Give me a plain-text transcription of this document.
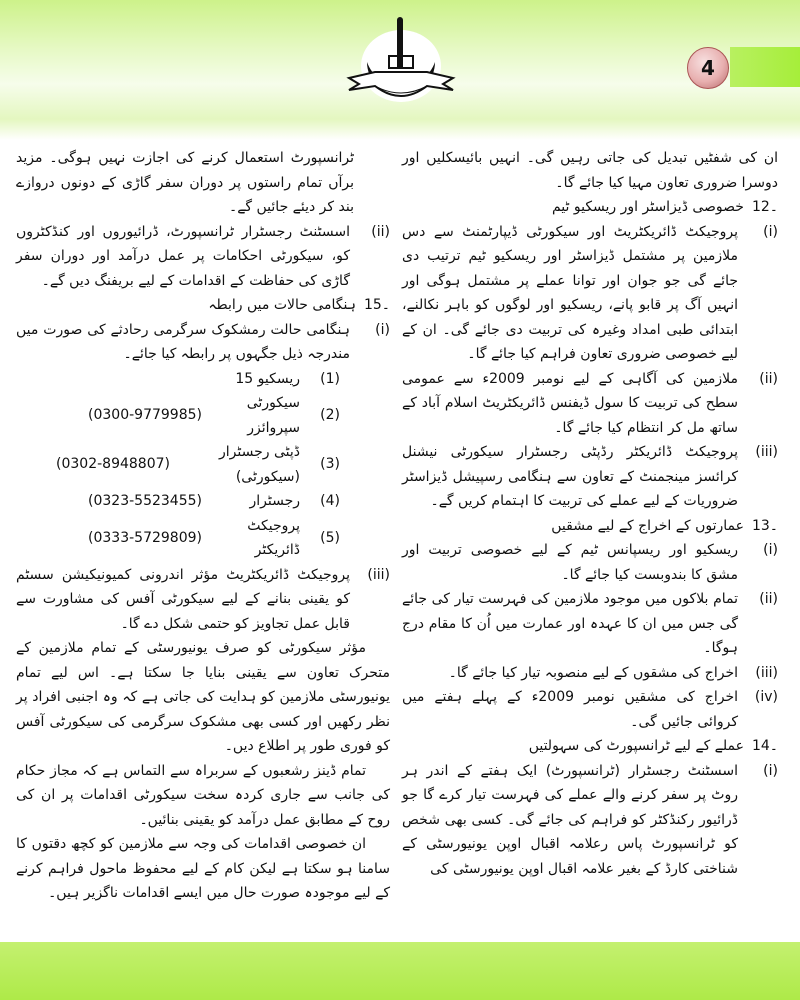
4

ان کی شفٹیں تبدیل کی جاتی رہیں گی۔ انہیں بائیسکلیں اور دوسرا ضروری تعاون مہیا کیا جائے گا۔

12۔خصوصی ڈیزاسٹر اور ریسکیو ٹیم
(i)
پروجیکٹ ڈائریکٹریٹ اور سیکورٹی ڈیپارٹمنٹ سے دس ملازمین پر مشتمل ڈیزاسٹر اور ریسکیو ٹیم ترتیب دی جائے گی جو جوان اور توانا عملے پر مشتمل ہوگی اور انہیں آگ پر قابو پانے، ریسکیو اور لوگوں کو باہر نکالنے، ابتدائی طبی امداد وغیرہ کی تربیت دی جائے گی۔ ان کے لیے خصوصی ضروری تعاون فراہم کیا جائے گا۔
(ii)
ملازمین کی آگاہی کے لیے نومبر 2009ء سے عمومی سطح کی تربیت کا سول ڈیفنس ڈائریکٹریٹ اسلام آباد کے ساتھ مل کر انتظام کیا جائے گا۔
(iii)
پروجیکٹ ڈائریکٹر رڈپٹی رجسٹرار سیکورٹی نیشنل کرائسز مینجمنٹ کے تعاون سے ہنگامی رسپیشل ڈیزاسٹر ضروریات کے لیے عملے کی تربیت کا اہتمام کریں گے۔
13۔عمارتوں کے اخراج کے لیے مشقیں
(i)
ریسکیو اور ریسپانس ٹیم کے لیے خصوصی تربیت اور مشق کا بندوبست کیا جائے گا۔
(ii)
تمام بلاکوں میں موجود ملازمین کی فہرست تیار کی جائے گی جس میں ان کا عہدہ اور عمارت میں اُن کا مقام درج ہوگا۔
(iii)
اخراج کی مشقوں کے لیے منصوبہ تیار کیا جائے گا۔
(iv)
اخراج کی مشقیں نومبر 2009ء کے پہلے ہفتے میں کروائی جائیں گی۔
14۔عملے کے لیے ٹرانسپورٹ کی سہولتیں
(i)
اسسٹنٹ رجسٹرار (ٹرانسپورٹ) ایک ہفتے کے اندر ہر روٹ پر سفر کرنے والے عملے کی فہرست تیار کرے گا جو ڈرائیور رکنڈکٹر کو فراہم کی جائے گی۔ کسی بھی شخص کو ٹرانسپورٹ پاس رعلامہ اقبال اوپن یونیورسٹی کے شناختی کارڈ کے بغیر علامہ اقبال اوپن یونیورسٹی کی

ٹرانسپورٹ استعمال کرنے کی اجازت نہیں ہوگی۔ مزید برآں تمام راستوں پر دوران سفر گاڑی کے دونوں دروازے بند کر دیئے جائیں گے۔

(ii)
اسسٹنٹ رجسٹرار ٹرانسپورٹ، ڈرائیوروں اور کنڈکٹروں کو، سیکورٹی احکامات پر عمل درآمد اور دوران سفر گاڑی کی حفاظت کے اقدامات کے لیے بریفنگ دیں گے۔
15۔ہنگامی حالات میں رابطہ
(i)
ہنگامی حالت رمشکوک سرگرمی رحادثے کی صورت میں مندرجہ ذیل جگہوں پر رابطہ کیا جائے۔
(1)
ریسکیو 15
(2)
سیکورٹی سپروائزر
(0300-9779985)
(3)
ڈپٹی رجسٹرار (سیکورٹی)
(0302-8948807)
(4)
رجسٹرار
(0323-5523455)
(5)
پروجیکٹ ڈائریکٹر
(0333-5729809)
(iii)
پروجیکٹ ڈائریکٹریٹ مؤثر اندرونی کمیونیکیشن سسٹم کو یقینی بنانے کے لیے سیکورٹی آفس کی مشاورت سے قابل عمل تجاویز کو حتمی شکل دے گا۔

مؤثر سیکورٹی کو صرف یونیورسٹی کے تمام ملازمین کے متحرک تعاون سے یقینی بنایا جا سکتا ہے۔ اس لیے تمام یونیورسٹی ملازمین کو ہدایت کی جاتی ہے کہ وہ اجنبی افراد پر نظر رکھیں اور کسی بھی مشکوک سرگرمی کی سیکورٹی آفس کو فوری طور پر اطلاع دیں۔

تمام ڈینز رشعبوں کے سربراہ سے التماس ہے کہ مجاز حکام کی جانب سے جاری کردہ سخت سیکورٹی اقدامات پر ان کی روح کے مطابق عمل درآمد کو یقینی بنائیں۔

ان خصوصی اقدامات کی وجہ سے ملازمین کو کچھ دقتوں کا سامنا ہو سکتا ہے لیکن کام کے لیے محفوظ ماحول فراہم کرنے کے لیے موجودہ صورت حال میں ایسے اقدامات ناگزیر ہیں۔
